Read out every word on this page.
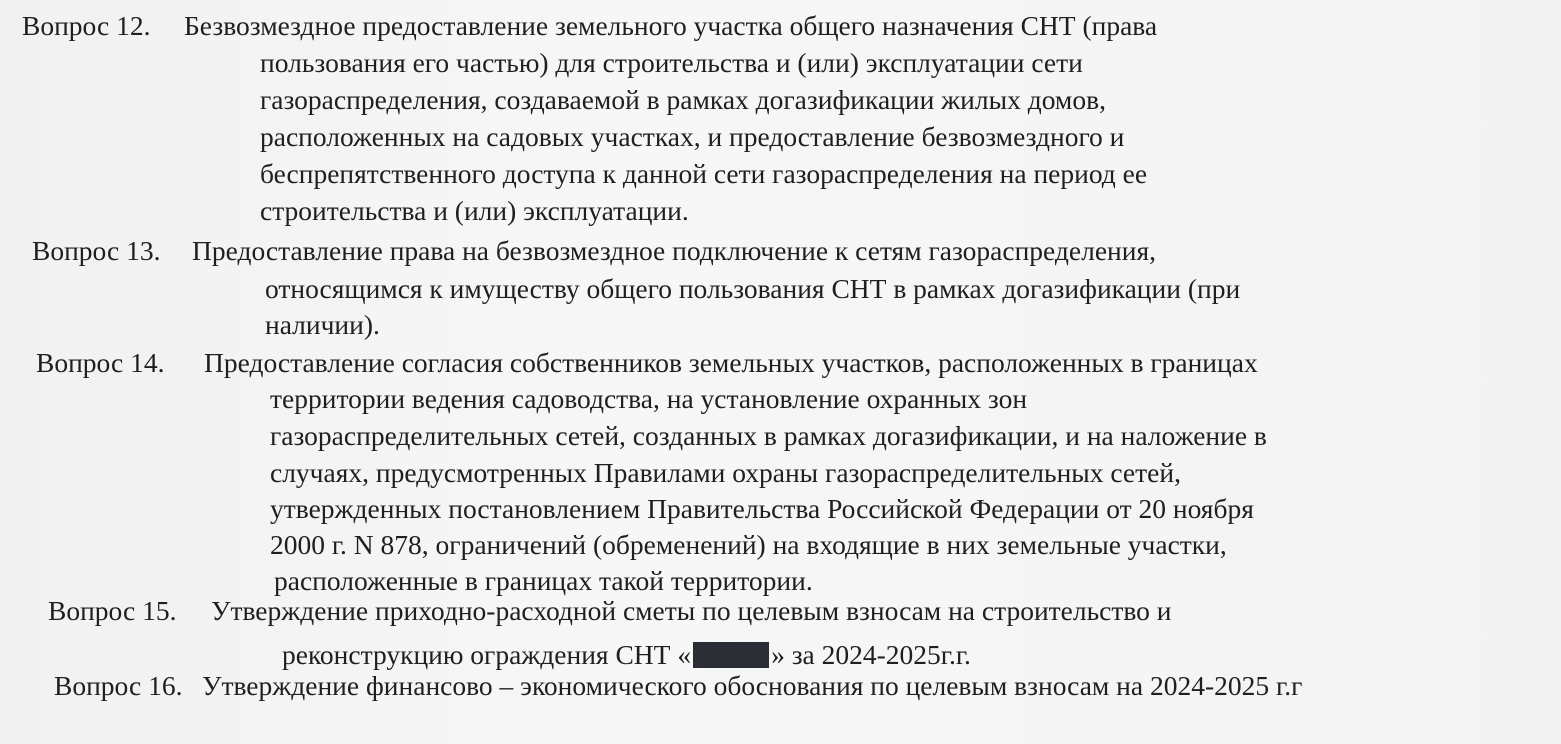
Вопрос 12. Безвозмездное предоставление земельного участка общего назначения СНТ (права
пользования его частью) для строительства и (или) эксплуатации сети
газораспределения, создаваемой в рамках догазификации жилых домов,
расположенных на садовых участках, и предоставление безвозмездного и
беспрепятственного доступа к данной сети газораспределения на период ее
строительства и (или) эксплуатации.
Вопрос 13. Предоставление права на безвозмездное подключение к сетям газораспределения,
относящимся к имуществу общего пользования СНТ в рамках догазификации (при
наличии).
Вопрос 14. Предоставление согласия собственников земельных участков, расположенных в границах
территории ведения садоводства, на установление охранных зон
газораспределительных сетей, созданных в рамках догазификации, и на наложение в
случаях, предусмотренных Правилами охраны газораспределительных сетей,
утвержденных постановлением Правительства Российской Федерации от 20 ноября
2000 г. N 878, ограничений (обременений) на входящие в них земельные участки,
расположенные в границах такой территории.
Вопрос 15. Утверждение приходно-расходной сметы по целевым взносам на строительство и
реконструкцию ограждения СНТ «	» за 2024-2025г.г.
Вопрос 16. Утверждение финансово – экономического обоснования по целевым взносам на 2024-2025 г.г
